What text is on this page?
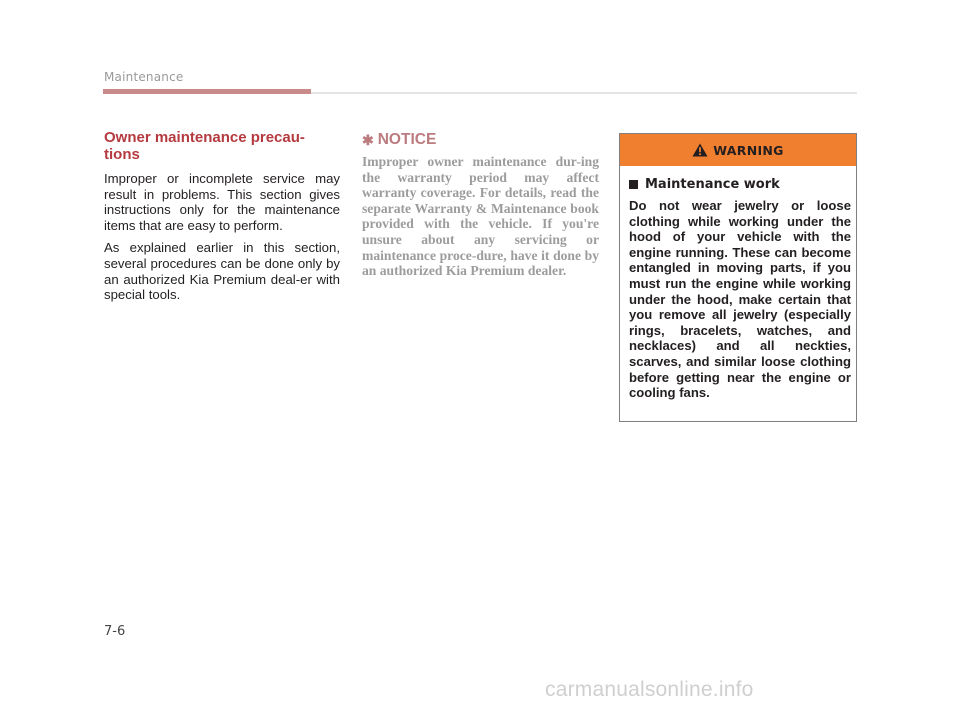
Maintenance
Owner maintenance precau-
tions

Improper or incomplete service may result in problems. This section gives instructions only for the maintenance items that are easy to perform.

As explained earlier in this section, several procedures can be done only by an authorized Kia Premium deal-er with special tools.

✱ NOTICE

Improper owner maintenance dur-ing the warranty period may affect warranty coverage. For details, read the separate Warranty & Maintenance book provided with the vehicle. If you're unsure about any servicing or maintenance proce-dure, have it done by an authorized Kia Premium dealer.

WARNING
Maintenance work

Do not wear jewelry or loose clothing while working under the hood of your vehicle with the engine running. These can become entangled in moving parts, if you must run the engine while working under the hood, make certain that you remove all jewelry (especially rings, bracelets, watches, and necklaces) and all neckties, scarves, and similar loose clothing before getting near the engine or cooling fans.

7-6
carmanualsonline.info
